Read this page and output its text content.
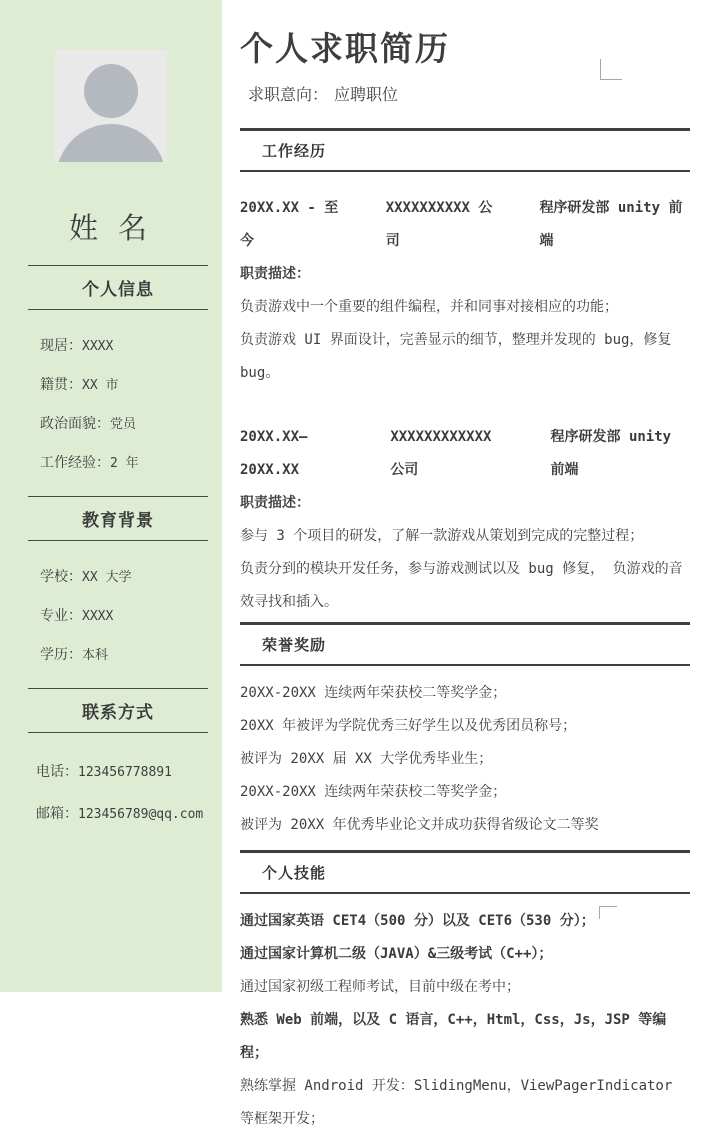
姓 名
个人信息
现居：XXXX
籍贯：XX 市
政治面貌：党员
工作经验：2 年
教育背景
学校：XX 大学
专业：XXXX
学历：本科
联系方式
电话：123456778891
邮箱：123456789@qq.com
个人求职简历
求职意向： 应聘职位
工作经历
20XX.XX - 至今
XXXXXXXXXX 公司
程序研发部 unity 前端
职责描述：

负责游戏中一个重要的组件编程，并和同事对接相应的功能；

负责游戏 UI 界面设计，完善显示的细节，整理并发现的 bug，修复 bug。

20XX.XX—20XX.XX
XXXXXXXXXXXX 公司
程序研发部 unity 前端
职责描述：

参与 3 个项目的研发，了解一款游戏从策划到完成的完整过程；

负责分到的模块开发任务，参与游戏测试以及 bug 修复， 负游戏的音效寻找和插入。

荣誉奖励

20XX-20XX 连续两年荣获校二等奖学金；

20XX 年被评为学院优秀三好学生以及优秀团员称号；

被评为 20XX 届 XX 大学优秀毕业生；

20XX-20XX 连续两年荣获校二等奖学金；

被评为 20XX 年优秀毕业论文并成功获得省级论文二等奖

个人技能

通过国家英语 CET4（500 分）以及 CET6（530 分）；

通过国家计算机二级（JAVA）&三级考试（C++）；

通过国家初级工程师考试，目前中级在考中；

熟悉 Web 前端，以及 C 语言，C++，Html，Css，Js，JSP 等编程；

熟练掌握 Android 开发：SlidingMenu，ViewPagerIndicator 等框架开发；
